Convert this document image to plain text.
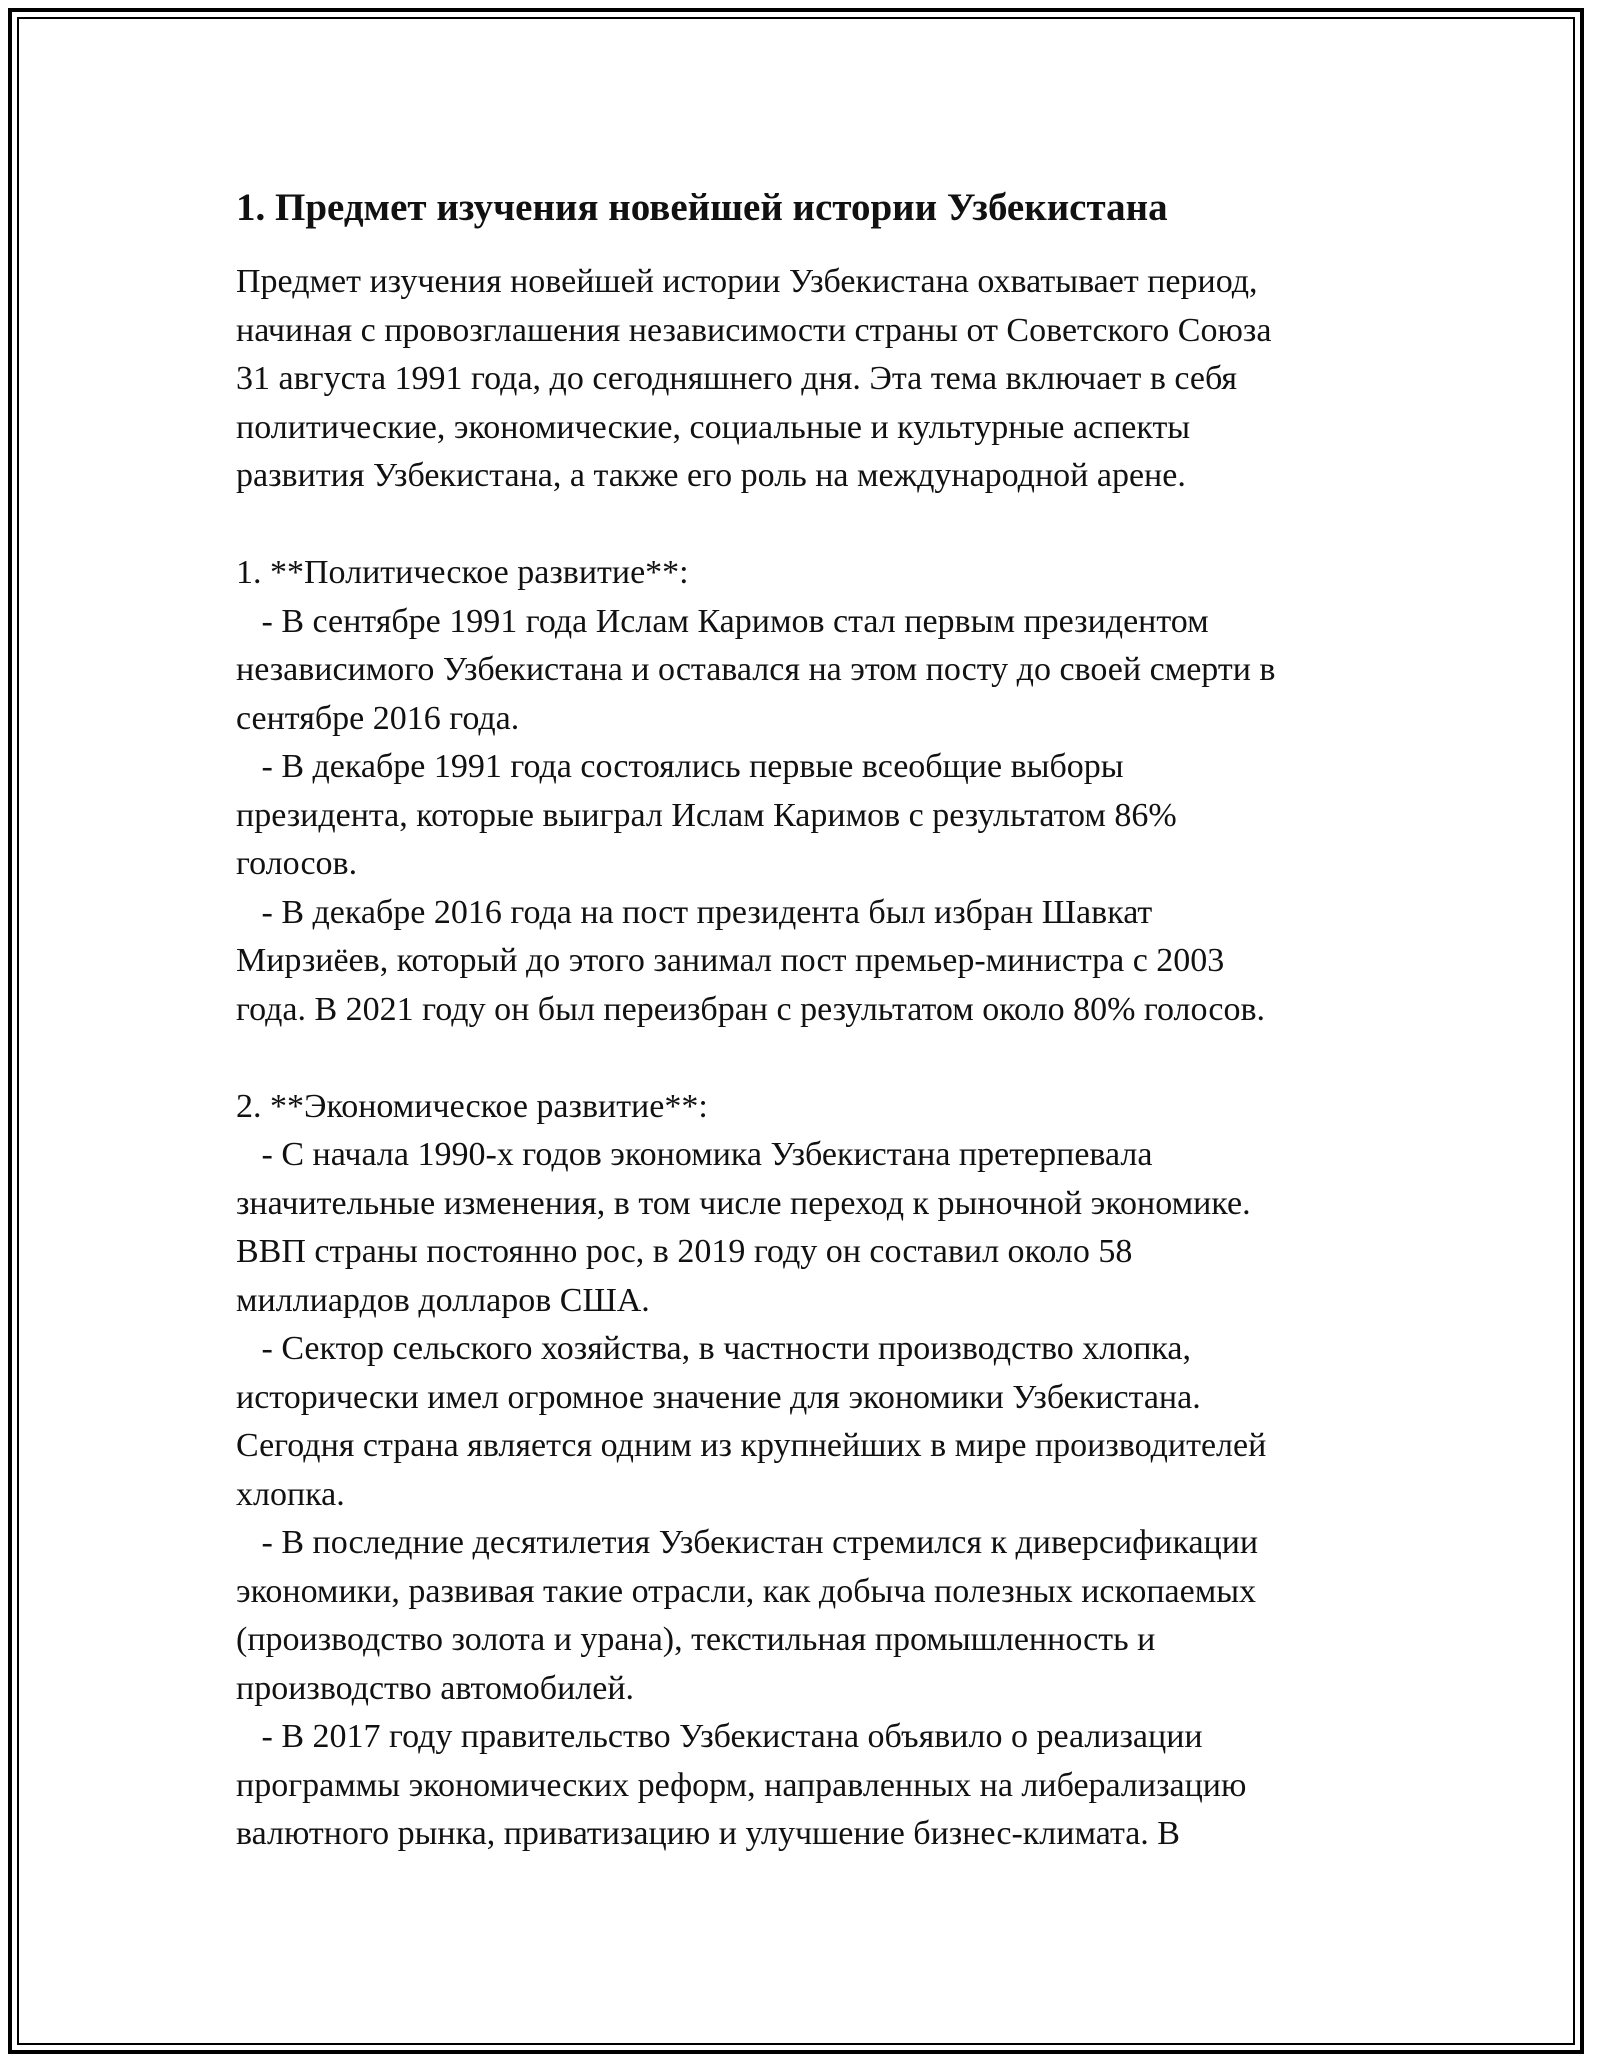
1. Предмет изучения новейшей истории Узбекистана
Предмет изучения новейшей истории Узбекистана охватывает период,
начиная с провозглашения независимости страны от Советского Союза
31 августа 1991 года, до сегодняшнего дня. Эта тема включает в себя
политические, экономические, социальные и культурные аспекты
развития Узбекистана, а также его роль на международной арене.
1. **Политическое развитие**:
- В сентябре 1991 года Ислам Каримов стал первым президентом
независимого Узбекистана и оставался на этом посту до своей смерти в
сентябре 2016 года.
- В декабре 1991 года состоялись первые всеобщие выборы
президента, которые выиграл Ислам Каримов с результатом 86%
голосов.
- В декабре 2016 года на пост президента был избран Шавкат
Мирзиёев, который до этого занимал пост премьер-министра с 2003
года. В 2021 году он был переизбран с результатом около 80% голосов.
2. **Экономическое развитие**:
- С начала 1990-х годов экономика Узбекистана претерпевала
значительные изменения, в том числе переход к рыночной экономике.
ВВП страны постоянно рос, в 2019 году он составил около 58
миллиардов долларов США.
- Сектор сельского хозяйства, в частности производство хлопка,
исторически имел огромное значение для экономики Узбекистана.
Сегодня страна является одним из крупнейших в мире производителей
хлопка.
- В последние десятилетия Узбекистан стремился к диверсификации
экономики, развивая такие отрасли, как добыча полезных ископаемых
(производство золота и урана), текстильная промышленность и
производство автомобилей.
- В 2017 году правительство Узбекистана объявило о реализации
программы экономических реформ, направленных на либерализацию
валютного рынка, приватизацию и улучшение бизнес-климата. В
